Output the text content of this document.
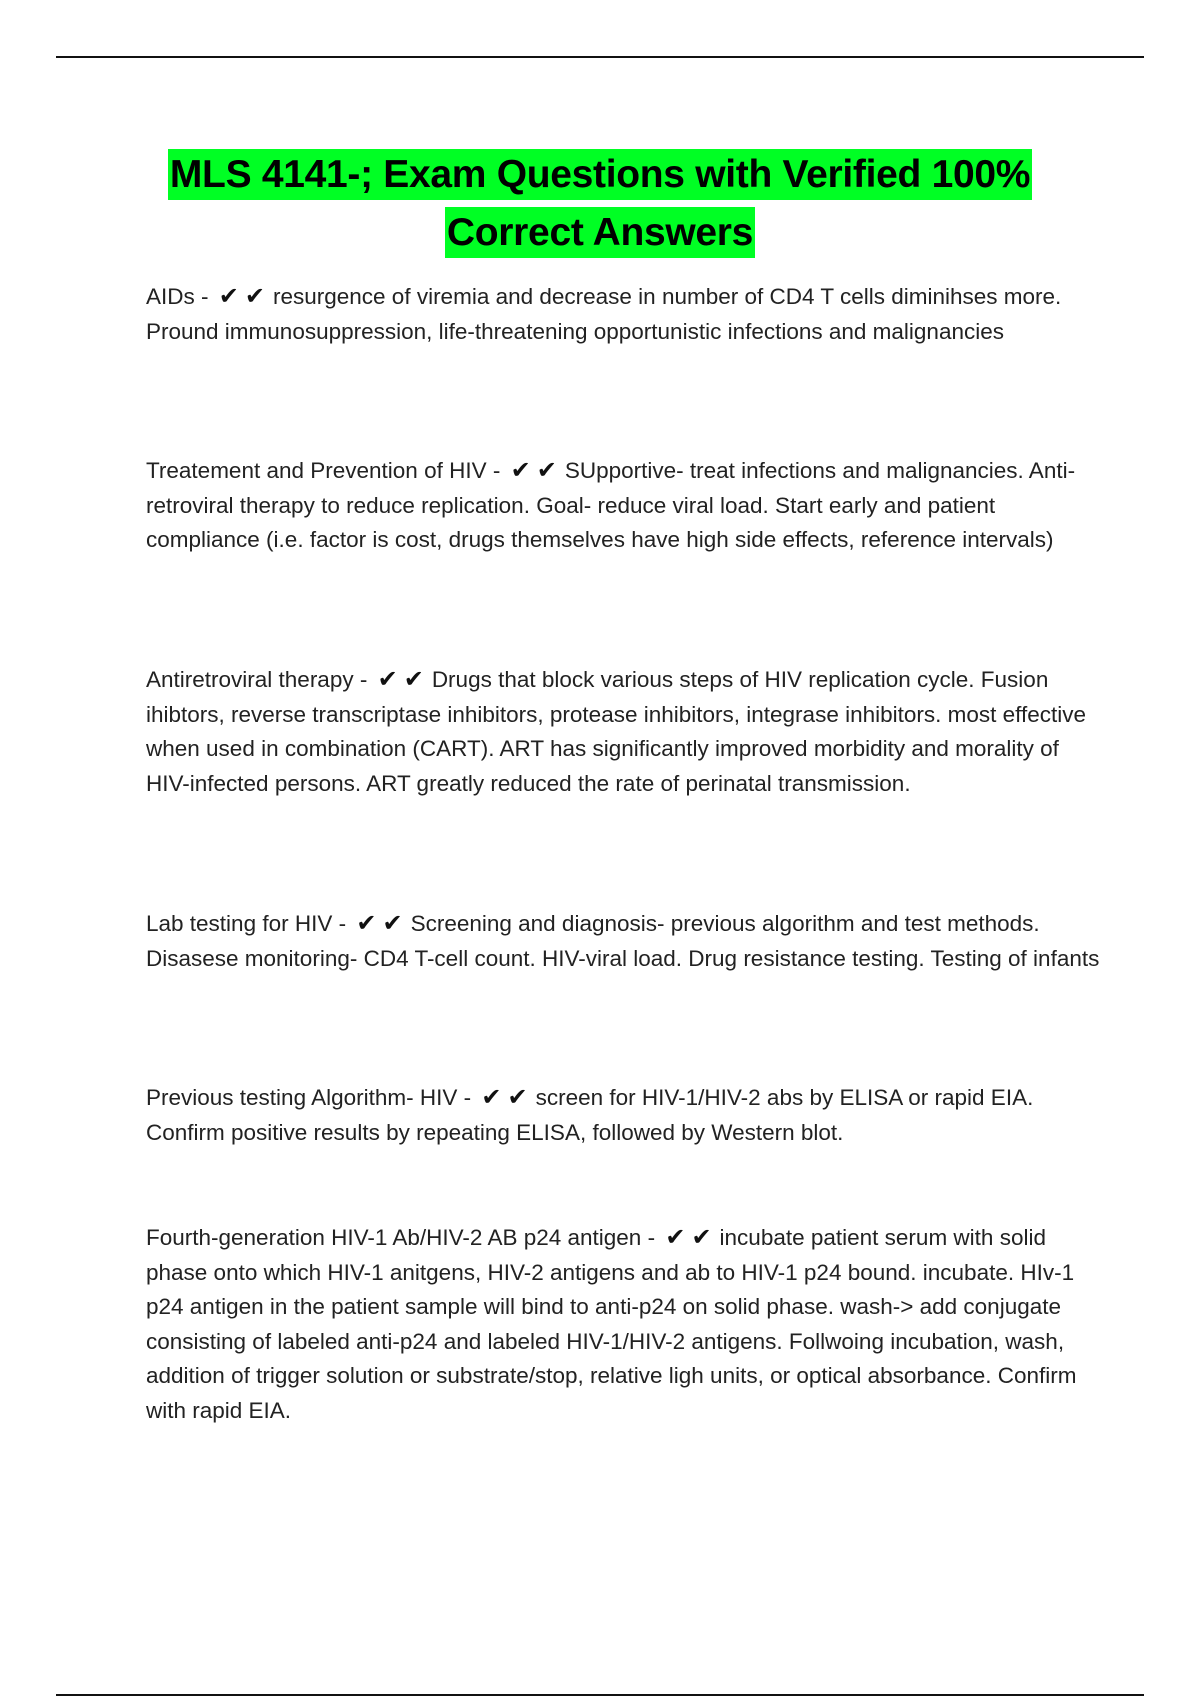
MLS 4141-; Exam Questions with Verified 100%
Correct Answers
AIDs - ✔✔resurgence of viremia and decrease in number of CD4 T cells diminihses more. Pround immunosuppression, life-threatening opportunistic infections and malignancies
Treatement and Prevention of HIV - ✔✔SUpportive- treat infections and malignancies. Anti-retroviral therapy to reduce replication. Goal- reduce viral load. Start early and patient compliance (i.e. factor is cost, drugs themselves have high side effects, reference intervals)
Antiretroviral therapy - ✔✔Drugs that block various steps of HIV replication cycle. Fusion ihibtors, reverse transcriptase inhibitors, protease inhibitors, integrase inhibitors. most effective when used in combination (CART). ART has significantly improved morbidity and morality of HIV-infected persons. ART greatly reduced the rate of perinatal transmission.
Lab testing for HIV - ✔✔Screening and diagnosis- previous algorithm and test methods. Disasese monitoring- CD4 T-cell count. HIV-viral load. Drug resistance testing. Testing of infants
Previous testing Algorithm- HIV - ✔✔screen for HIV-1/HIV-2 abs by ELISA or rapid EIA. Confirm positive results by repeating ELISA, followed by Western blot.
Fourth-generation HIV-1 Ab/HIV-2 AB p24 antigen - ✔✔incubate patient serum with solid phase onto which HIV-1 anitgens, HIV-2 antigens and ab to HIV-1 p24 bound. incubate. HIv-1 p24 antigen in the patient sample will bind to anti-p24 on solid phase. wash-> add conjugate consisting of labeled anti-p24 and labeled HIV-1/HIV-2 antigens. Follwoing incubation, wash, addition of trigger solution or substrate/stop, relative ligh units, or optical absorbance. Confirm with rapid EIA.
